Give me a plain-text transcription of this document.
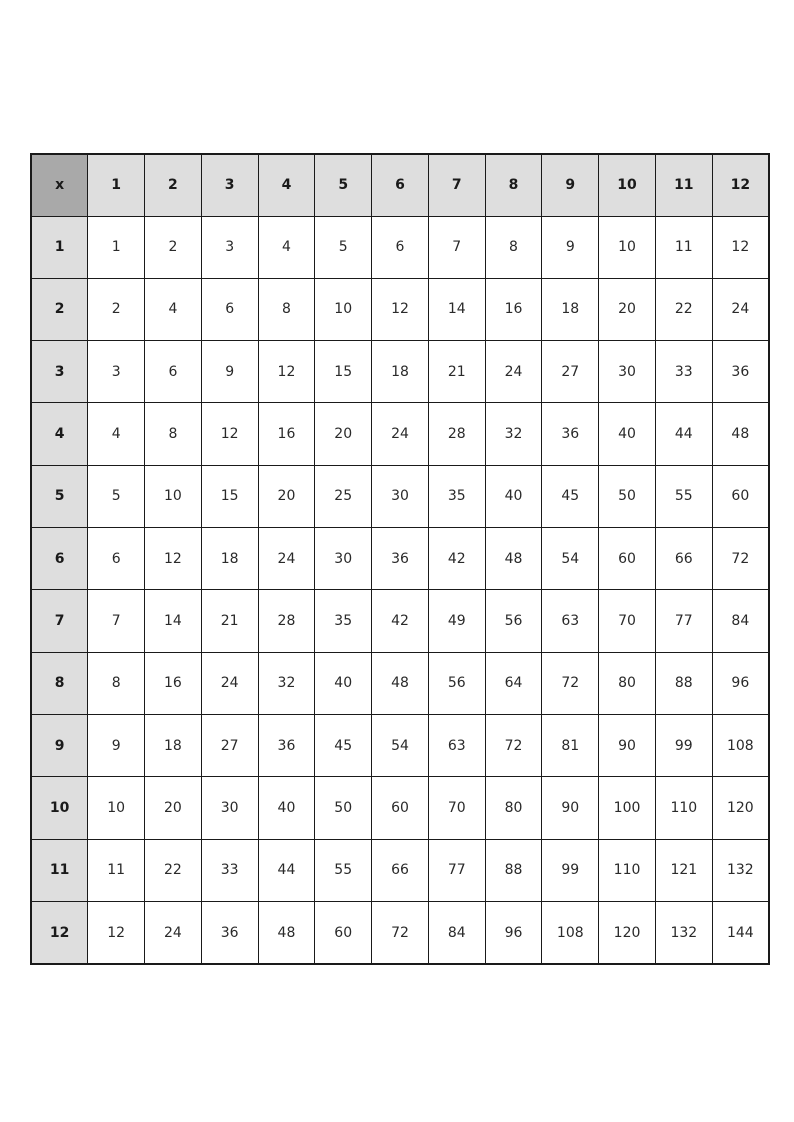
x	1	2	3	4	5	6	7	8	9	10	11	12
1	1	2	3	4	5	6	7	8	9	10	11	12
2	2	4	6	8	10	12	14	16	18	20	22	24
3	3	6	9	12	15	18	21	24	27	30	33	36
4	4	8	12	16	20	24	28	32	36	40	44	48
5	5	10	15	20	25	30	35	40	45	50	55	60
6	6	12	18	24	30	36	42	48	54	60	66	72
7	7	14	21	28	35	42	49	56	63	70	77	84
8	8	16	24	32	40	48	56	64	72	80	88	96
9	9	18	27	36	45	54	63	72	81	90	99	108
10	10	20	30	40	50	60	70	80	90	100	110	120
11	11	22	33	44	55	66	77	88	99	110	121	132
12	12	24	36	48	60	72	84	96	108	120	132	144
